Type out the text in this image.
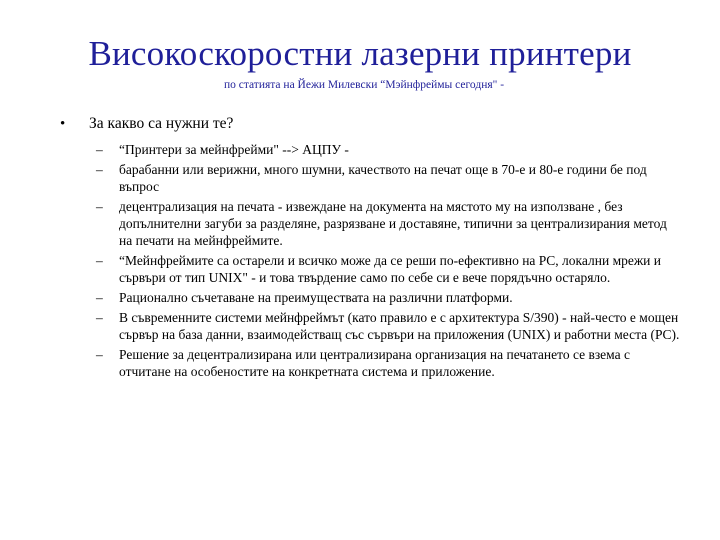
Високоскоростни лазерни принтери
по статията на Йежи Милевски “Мэйнфреймы сегодня" -
• За какво са нужни те?
– “Принтери за мейнфрейми" --> АЦПУ -
– барабанни или верижни, много шумни, качеството на печат още в 70-е и 80-е години бе под въпрос
– децентрализация на печата - извеждане на документа на мястото му на използване , без допълнителни загуби за разделяне, разрязване и доставяне, типични за централизирания метод на печати на мейнфреймите.
– “Мейнфреймите са остарели и всичко може да се реши по-ефективно на PC, локални мрежи и сървъри от тип UNIX" - и това твърдение само по себе си е вече порядъчно остаряло.
– Рационално съчетаване на преимуществата на различни платформи.
– В съвременните системи мейнфреймът (като правило е с архитектура S/390) - най-често е мощен сървър на база данни, взаимодействащ със сървъри на приложения (UNIX) и работни места (PC).
– Решение за децентрализирана или централизирана организация на печатането се взема с отчитане на особеностите на конкретната система и приложение.
